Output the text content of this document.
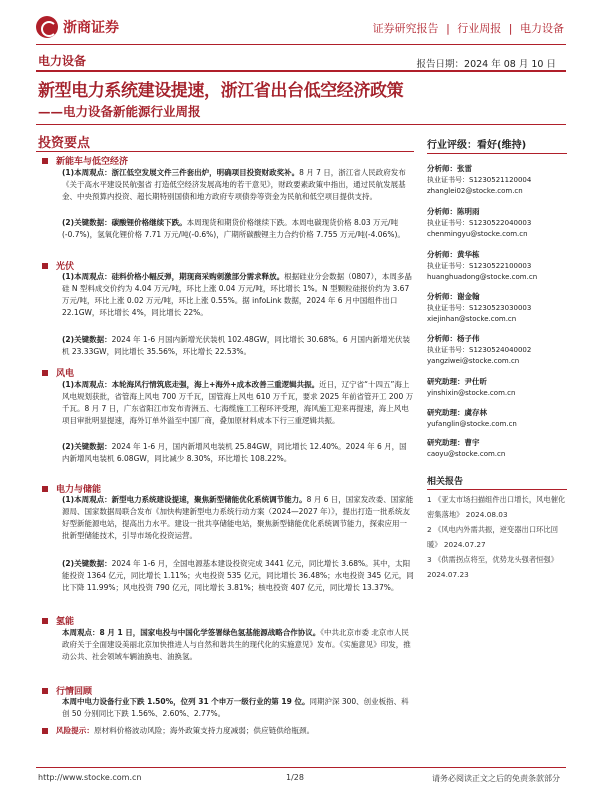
浙商证券	证券研究报告 | 行业周报 | 电力设备
电力设备	报告日期：2024 年 08 月 10 日
新型电力系统建设提速，浙江省出台低空经济政策
——电力设备新能源行业周报
投资要点
新能车与低空经济
(1)本周观点：浙江低空发展文件三件套出炉，明确项目投资财政奖补。8 月 7 日，浙江省人民政府发布《关于高水平建设民航强省 打造低空经济发展高地的若干意见》，财政要素政策中指出，通过民航发展基金、中央预算内投资、超长期特别国债和地方政府专项债券等资金为民航和低空项目提供支持。
(2)关键数据：碳酸锂价格继续下跌。本周现货和期货价格继续下跌。本周电碳现货价格 8.03 万元/吨(-0.7%)，氢氧化锂价格 7.71 万元/吨(-0.6%)，广期所碳酸锂主力合约价格 7.755 万元/吨(-4.06%)。
光伏
(1)本周观点：硅料价格小幅反弹，期现商采购刺激部分需求释放。根据硅业分会数据（0807），本周多晶硅 N 型料成交价约为 4.04 万元/吨，环比上涨 0.04 万元/吨，环比增长 1%。N 型颗粒硅报价约为 3.67 万元/吨，环比上涨 0.02 万元/吨，环比上涨 0.55%。据 infoLink 数据，2024 年 6 月中国组件出口 22.1GW，环比增长 4%，同比增长 22%。
(2)关键数据：2024 年 1-6 月国内新增光伏装机 102.48GW，同比增长 30.68%。6 月国内新增光伏装机 23.33GW，同比增长 35.56%，环比增长 22.53%。
风电
(1)本周观点：本轮海风行情筑底走强，海上+海外+成本改善三重逻辑共振。近日，辽宁省“十四五”海上风电规划获批，省管海上风电 700 万千瓦，国管海上风电 610 万千瓦，要求 2025 年前省管开工 200 万千瓦。8 月 7 日，广东省阳江市发布青洲五、七海缆施工工程环评受理，海风施工迎来再提速，海上风电项目审批明显提速，海外订单外溢至中国厂商，叠加原材料成本下行三重逻辑共振。
(2)关键数据：2024 年 1-6 月，国内新增风电装机 25.84GW，同比增长 12.40%。2024 年 6 月，国内新增风电装机 6.08GW，同比减少 8.30%，环比增长 108.22%。
电力与储能
(1)本周观点：新型电力系统建设提速，聚焦新型储能优化系统调节能力。8 月 6 日，国家发改委、国家能源局、国家数据局联合发布《加快构建新型电力系统行动方案（2024—2027 年）》，提出打造一批系统友好型新能源电站，提高出力水平。建设一批共享储能电站，聚焦新型储能优化系统调节能力，探索应用一批新型储能技术，引导市场化投资运营。
(2)关键数据：2024 年 1-6 月，全国电源基本建设投资完成 3441 亿元，同比增长 3.68%。其中，太阳能投资 1364 亿元，同比增长 1.11%；火电投资 535 亿元，同比增长 36.48%；水电投资 345 亿元，同比下降 11.99%；风电投资 790 亿元，同比增长 3.81%；核电投资 407 亿元，同比增长 13.37%。
氢能
本周观点：8 月 1 日，国家电投与中国化学签署绿色氢基能源战略合作协议。《中共北京市委 北京市人民政府关于全面建设美丽北京加快推进人与自然和谐共生的现代化的实施意见》发布。《实施意见》印发，推动公共、社会领域车辆油换电、油换氢。
行情回顾
本周中电力设备行业下跌 1.50%，位列 31 个申万一级行业的第 19 位。同期沪深 300、创业板指、科创 50 分别同比下跌 1.56%、2.60%、2.77%。
风险提示： 原材料价格波动风险；海外政策支持力度减弱；供应链供给瓶颈。
行业评级：看好(维持)
分析师：张雷
执业证书号：S1230521120004
zhanglei02@stocke.com.cn
分析师：陈明雨
执业证书号：S1230522040003
chenmingyu@stocke.com.cn
分析师：黄华栋
执业证书号：S1230522100003
huanghuadong@stocke.com.cn
分析师：谢金翰
执业证书号：S1230523030003
xiejinhan@stocke.com.cn
分析师：杨子伟
执业证书号：S1230524040002
yangziwei@stocke.com.cn
研究助理：尹仕昕
yinshixin@stocke.com.cn
研究助理：虞存林
yufanglin@stocke.com.cn
研究助理：曹宇
caoyu@stocke.com.cn
相关报告
1 《亚太市场扫描组件出口增长，风电催化密集落地》 2024.08.03
2 《风电内外需共振，逆变器出口环比回暖》 2024.07.27
3 《供需拐点将至，优势龙头强者恒强》 2024.07.23
http://www.stocke.com.cn	1/28	请务必阅读正文之后的免责条款部分
